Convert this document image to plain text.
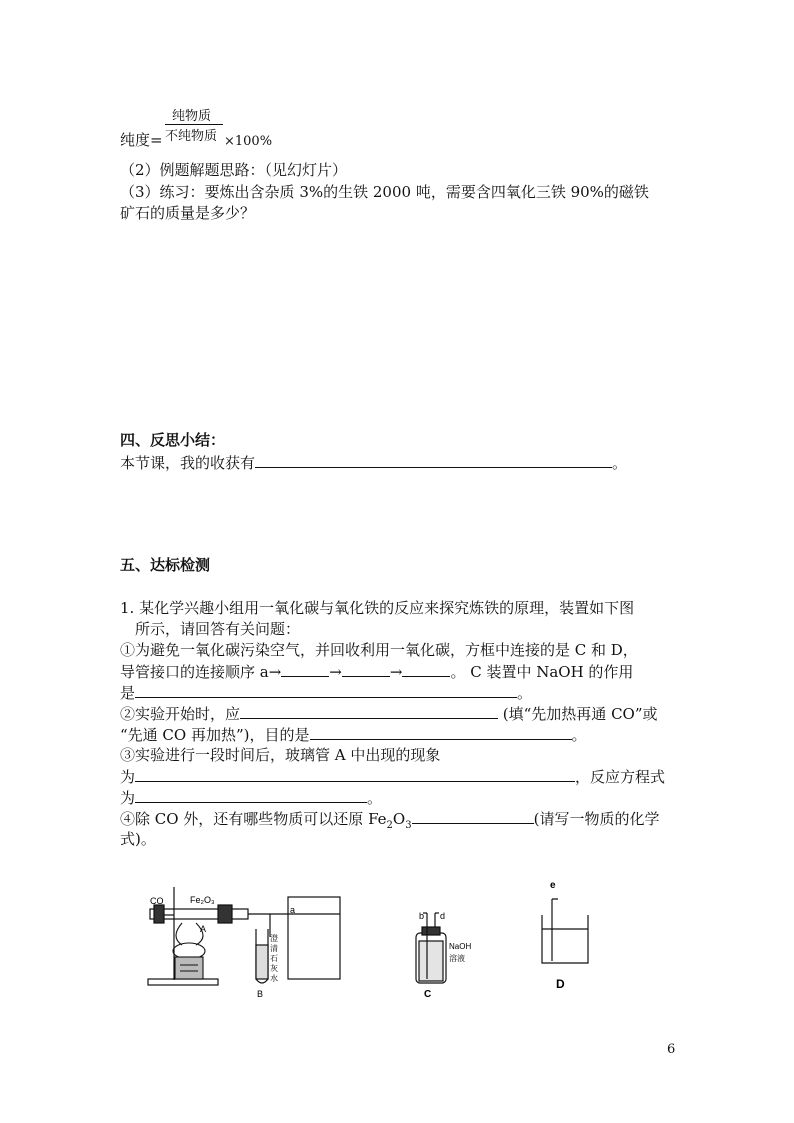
纯物质
纯度= 不纯物质 ×100%
（2）例题解题思路：（见幻灯片）
（3）练习：要炼出含杂质 3%的生铁 2000 吨，需要含四氧化三铁 90%的磁铁
矿石的质量是多少？
四、反思小结：
本节课，我的收获有	。
五、达标检测
1. 某化学兴趣小组用一氧化碳与氧化铁的反应来探究炼铁的原理，装置如下图
所示，请回答有关问题：
①为避免一氧化碳污染空气，并回收利用一氧化碳，方框中连接的是 C 和 D，
导管接口的连接顺序 a→	→	→	。 C 装置中 NaOH 的作用
是	。
②实验开始时，应	(填“先加热再通 CO”或
“先通 CO 再加热”)，目的是	。
③实验进行一段时间后，玻璃管 A 中出现的现象
为	，反应方程式
为	。
④除 CO 外，还有哪些物质可以还原 $Fe_2O_3$	(请写一物质的化学
式)。
CO	Fe₂O₃
A
澄
清
石
灰
水
B
a
b d
NaOH
溶液
C
e
D
6
